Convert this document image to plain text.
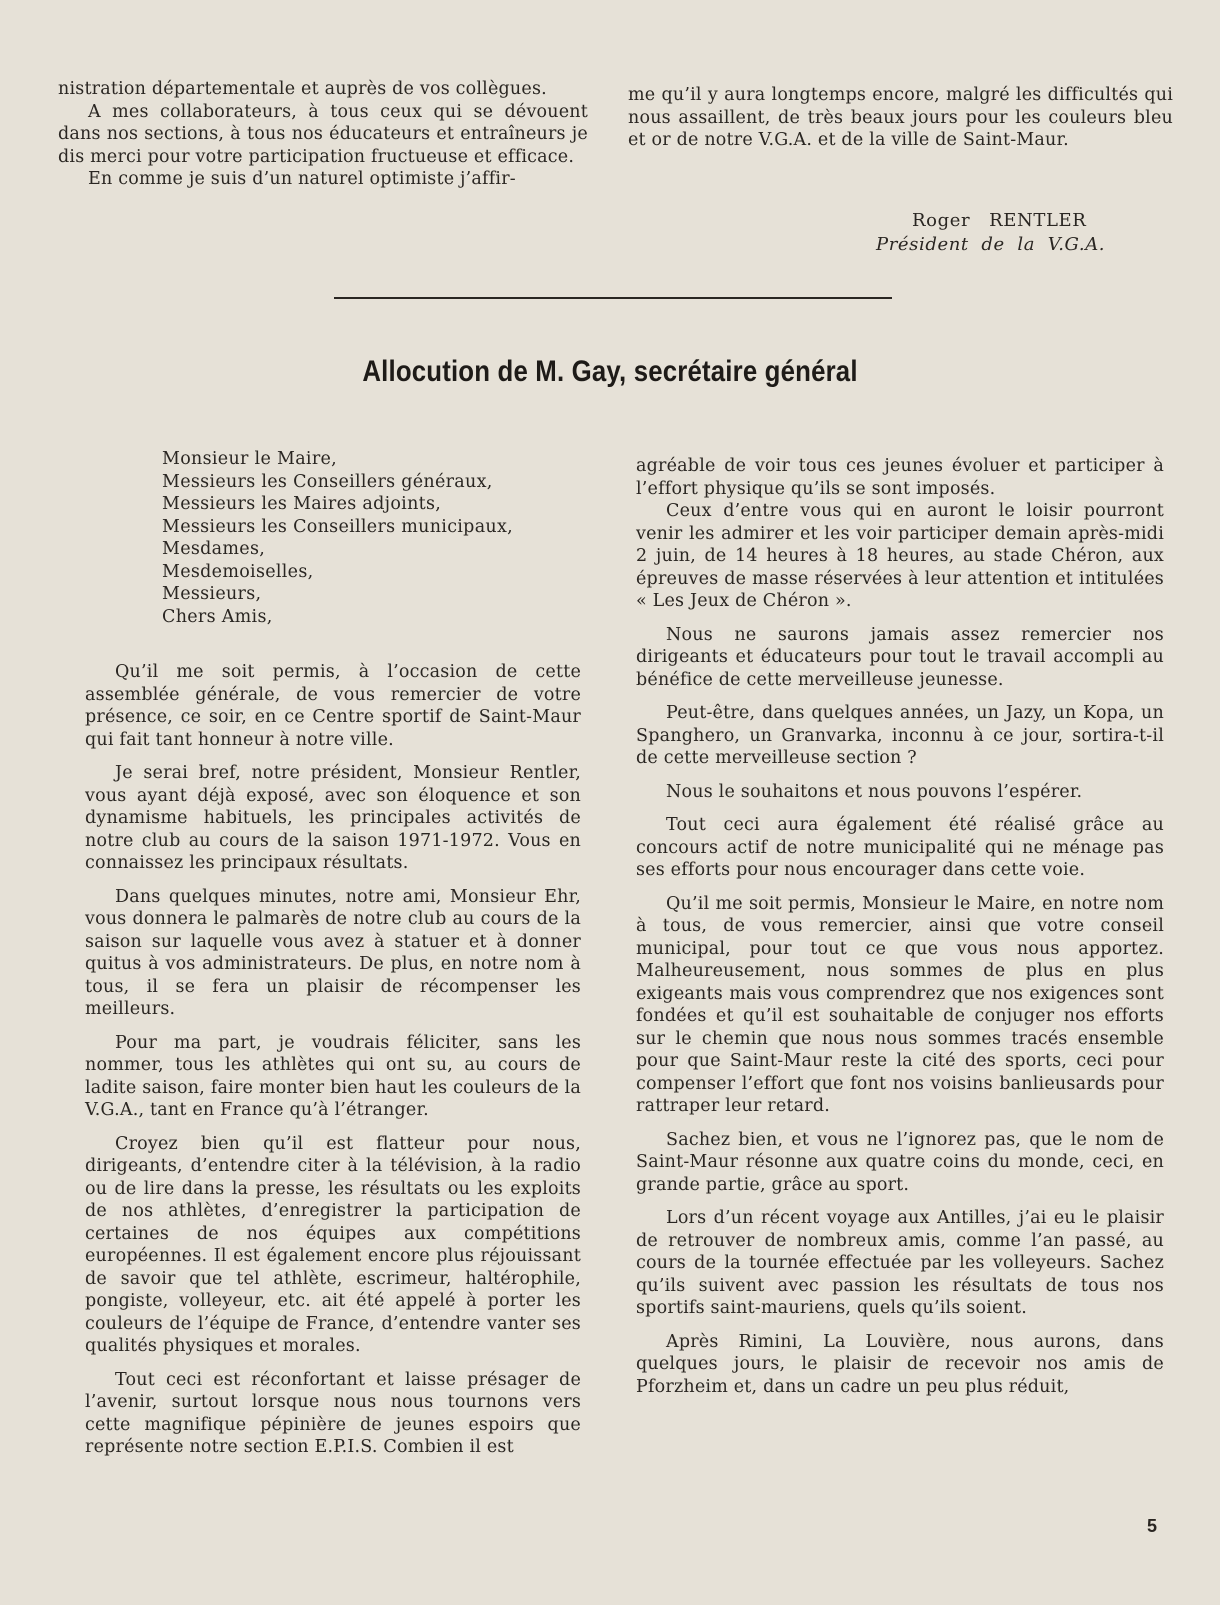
nistration départementale et auprès de vos collègues.

A mes collaborateurs, à tous ceux qui se dévouent dans nos sections, à tous nos éducateurs et entraîneurs je dis merci pour votre participation fructueuse et efficace.

En comme je suis d’un naturel optimiste j’affir-

me qu’il y aura longtemps encore, malgré les difficultés qui nous assaillent, de très beaux jours pour les couleurs bleu et or de notre V.G.A. et de la ville de Saint-Maur.

Roger   RENTLER
Président  de  la  V.G.A.
Allocution de M. Gay, secrétaire général
Monsieur le Maire,
Messieurs les Conseillers généraux,
Messieurs les Maires adjoints,
Messieurs les Conseillers municipaux,
Mesdames,
Mesdemoiselles,
Messieurs,
Chers Amis,

Qu’il me soit permis, à l’occasion de cette assemblée générale, de vous remercier de votre présence, ce soir, en ce Centre sportif de Saint-Maur qui fait tant honneur à notre ville.

Je serai bref, notre président, Monsieur Rentler, vous ayant déjà exposé, avec son éloquence et son dynamisme habituels, les principales activités de notre club au cours de la saison 1971-1972. Vous en connaissez les principaux résultats.

Dans quelques minutes, notre ami, Monsieur Ehr, vous donnera le palmarès de notre club au cours de la saison sur laquelle vous avez à statuer et à donner quitus à vos administrateurs. De plus, en notre nom à tous, il se fera un plaisir de récompenser les meilleurs.

Pour ma part, je voudrais féliciter, sans les nommer, tous les athlètes qui ont su, au cours de ladite saison, faire monter bien haut les couleurs de la V.G.A., tant en France qu’à l’étranger.

Croyez bien qu’il est flatteur pour nous, dirigeants, d’entendre citer à la télévision, à la radio ou de lire dans la presse, les résultats ou les exploits de nos athlètes, d’enregistrer la participation de certaines de nos équipes aux compétitions européennes. Il est également encore plus réjouissant de savoir que tel athlète, escrimeur, haltérophile, pongiste, volleyeur, etc. ait été appelé à porter les couleurs de l’équipe de France, d’entendre vanter ses qualités physiques et morales.

Tout ceci est réconfortant et laisse présager de l’avenir, surtout lorsque nous nous tournons vers cette magnifique pépinière de jeunes espoirs que représente notre section E.P.I.S. Combien il est

agréable de voir tous ces jeunes évoluer et participer à l’effort physique qu’ils se sont imposés.

Ceux d’entre vous qui en auront le loisir pourront venir les admirer et les voir participer demain après-midi 2 juin, de 14 heures à 18 heures, au stade Chéron, aux épreuves de masse réservées à leur attention et intitulées « Les Jeux de Chéron ».

Nous ne saurons jamais assez remercier nos dirigeants et éducateurs pour tout le travail accompli au bénéfice de cette merveilleuse jeunesse.

Peut-être, dans quelques années, un Jazy, un Kopa, un Spanghero, un Granvarka, inconnu à ce jour, sortira-t-il de cette merveilleuse section ?

Nous le souhaitons et nous pouvons l’espérer.

Tout ceci aura également été réalisé grâce au concours actif de notre municipalité qui ne ménage pas ses efforts pour nous encourager dans cette voie.

Qu’il me soit permis, Monsieur le Maire, en notre nom à tous, de vous remercier, ainsi que votre conseil municipal, pour tout ce que vous nous apportez. Malheureusement, nous sommes de plus en plus exigeants mais vous comprendrez que nos exigences sont fondées et qu’il est souhaitable de conjuger nos efforts sur le chemin que nous nous sommes tracés ensemble pour que Saint-Maur reste la cité des sports, ceci pour compenser l’effort que font nos voisins banlieusards pour rattraper leur retard.

Sachez bien, et vous ne l’ignorez pas, que le nom de Saint-Maur résonne aux quatre coins du monde, ceci, en grande partie, grâce au sport.

Lors d’un récent voyage aux Antilles, j’ai eu le plaisir de retrouver de nombreux amis, comme l’an passé, au cours de la tournée effectuée par les volleyeurs. Sachez qu’ils suivent avec passion les résultats de tous nos sportifs saint-mauriens, quels qu’ils soient.

Après Rimini, La Louvière, nous aurons, dans quelques jours, le plaisir de recevoir nos amis de Pforzheim et, dans un cadre un peu plus réduit,

5
